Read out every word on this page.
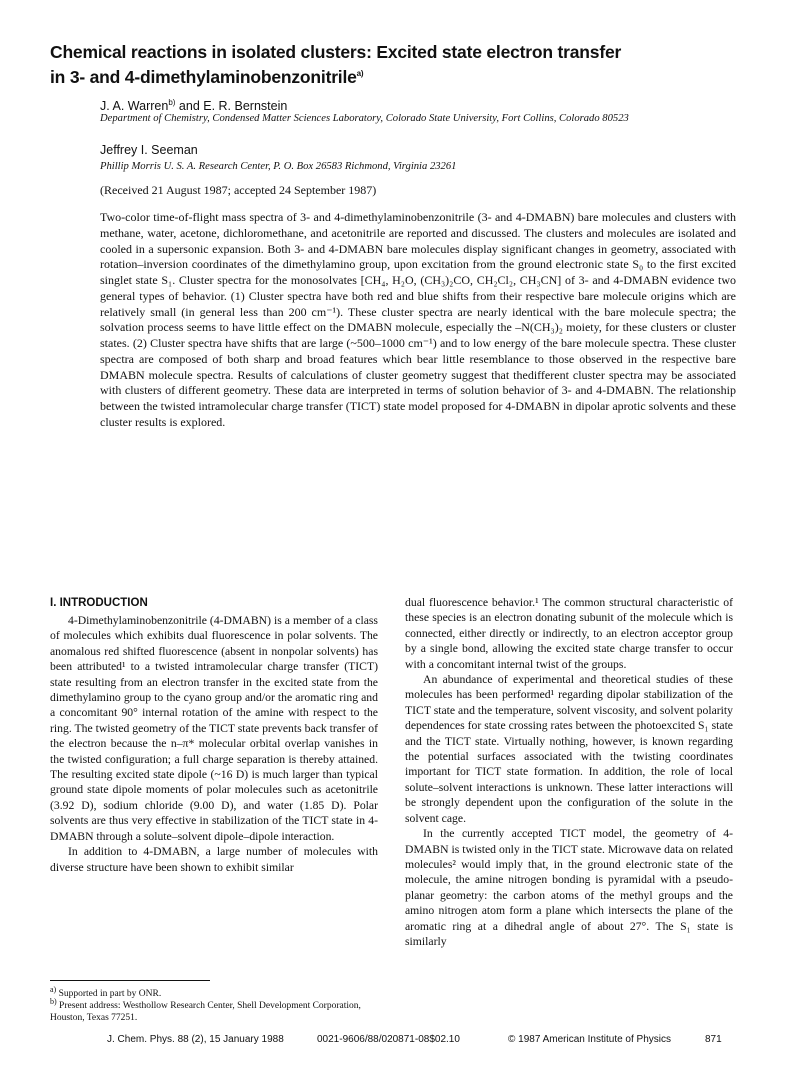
Chemical reactions in isolated clusters: Excited state electron transfer
in 3- and 4-dimethylaminobenzonitrile$^{a)}$
J. A. Warren$^{b)}$ and E. R. Bernstein
Department of Chemistry, Condensed Matter Sciences Laboratory, Colorado State University, Fort Collins, Colorado 80523
Jeffrey I. Seeman
Phillip Morris U. S. A. Research Center, P. O. Box 26583 Richmond, Virginia 23261
(Received 21 August 1987; accepted 24 September 1987)
Two-color time-of-flight mass spectra of 3- and 4-dimethylaminobenzonitrile (3- and 4-DMABN) bare molecules and clusters with methane, water, acetone, dichloromethane, and acetonitrile are reported and discussed. The clusters and molecules are isolated and cooled in a supersonic expansion. Both 3- and 4-DMABN bare molecules display significant changes in geometry, associated with rotation–inversion coordinates of the dimethylamino group, upon excitation from the ground electronic state S₀ to the first excited singlet state S₁. Cluster spectra for the monosolvates [CH₄, H₂O, (CH₃)₂CO, CH₂Cl₂, CH₃CN] of 3- and 4-DMABN evidence two general types of behavior. (1) Cluster spectra have both red and blue shifts from their respective bare molecule origins which are relatively small (in general less than 200 cm⁻¹). These cluster spectra are nearly identical with the bare molecule spectra; the solvation process seems to have little effect on the DMABN molecule, especially the –N(CH₃)₂ moiety, for these clusters or cluster states. (2) Cluster spectra have shifts that are large (~500–1000 cm⁻¹) and to low energy of the bare molecule spectra. These cluster spectra are composed of both sharp and broad features which bear little resemblance to those observed in the respective bare DMABN molecule spectra. Results of calculations of cluster geometry suggest that thedifferent cluster spectra may be associated with clusters of different geometry. These data are interpreted in terms of solution behavior of 3- and 4-DMABN. The relationship between the twisted intramolecular charge transfer (TICT) state model proposed for 4-DMABN in dipolar aprotic solvents and these cluster results is explored.
I. INTRODUCTION

4-Dimethylaminobenzonitrile (4-DMABN) is a member of a class of molecules which exhibits dual fluorescence in polar solvents. The anomalous red shifted fluorescence (absent in nonpolar solvents) has been attributed¹ to a twisted intramolecular charge transfer (TICT) state resulting from an electron transfer in the excited state from the dimethylamino group to the cyano group and/or the aromatic ring and a concomitant 90° internal rotation of the amine with respect to the ring. The twisted geometry of the TICT state prevents back transfer of the electron because the n–π* molecular orbital overlap vanishes in the twisted configuration; a full charge separation is thereby attained. The resulting excited state dipole (~16 D) is much larger than typical ground state dipole moments of polar molecules such as acetonitrile (3.92 D), sodium chloride (9.00 D), and water (1.85 D). Polar solvents are thus very effective in stabilization of the TICT state in 4-DMABN through a solute–solvent dipole–dipole interaction.

In addition to 4-DMABN, a large number of molecules with diverse structure have been shown to exhibit similar

dual fluorescence behavior.¹ The common structural characteristic of these species is an electron donating subunit of the molecule which is connected, either directly or indirectly, to an electron acceptor group by a single bond, allowing the excited state charge transfer to occur with a concomitant internal twist of the groups.

An abundance of experimental and theoretical studies of these molecules has been performed¹ regarding dipolar stabilization of the TICT state and the temperature, solvent viscosity, and solvent polarity dependences for state crossing rates between the photoexcited S₁ state and the TICT state. Virtually nothing, however, is known regarding the potential surfaces associated with the twisting coordinates important for TICT state formation. In addition, the role of local solute–solvent interactions is unknown. These latter interactions will be strongly dependent upon the configuration of the solute in the solvent cage.

In the currently accepted TICT model, the geometry of 4-DMABN is twisted only in the TICT state. Microwave data on related molecules² would imply that, in the ground electronic state of the molecule, the amine nitrogen bonding is pyramidal with a pseudo-planar geometry: the carbon atoms of the methyl groups and the amino nitrogen atom form a plane which intersects the plane of the aromatic ring at a dihedral angle of about 27°. The S₁ state is similarly

$^{a)}$ Supported in part by ONR.
$^{b)}$ Present address: Westhollow Research Center, Shell Development Corporation, Houston, Texas 77251.
J. Chem. Phys. 88 (2), 15 January 1988	0021-9606/88/020871-08$02.10	© 1987 American Institute of Physics	871
